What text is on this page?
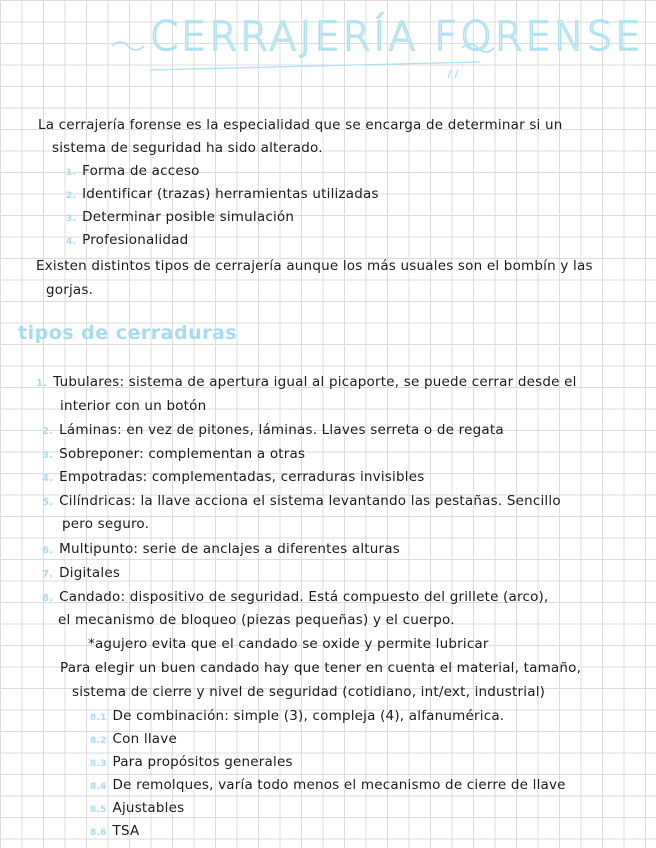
CERRAJERÍA FORENSE
La cerrajería forense es la especialidad que se encarga de determinar si un
sistema de seguridad ha sido alterado.
1. Forma de acceso
2. Identificar (trazas) herramientas utilizadas
3. Determinar posible simulación
4. Profesionalidad
Existen distintos tipos de cerrajería aunque los más usuales son el bombín y las
gorjas.
tipos de cerraduras
1. Tubulares: sistema de apertura igual al picaporte, se puede cerrar desde el
interior con un botón
2. Láminas: en vez de pitones, láminas. Llaves serreta o de regata
3. Sobreponer: complementan a otras
4. Empotradas: complementadas, cerraduras invisibles
5. Cilíndricas: la llave acciona el sistema levantando las pestañas. Sencillo
pero seguro.
6. Multipunto: serie de anclajes a diferentes alturas
7. Digitales
8. Candado: dispositivo de seguridad. Está compuesto del grillete (arco),
el mecanismo de bloqueo (piezas pequeñas) y el cuerpo.
*agujero evita que el candado se oxide y permite lubricar
Para elegir un buen candado hay que tener en cuenta el material, tamaño,
sistema de cierre y nivel de seguridad (cotidiano, int/ext, industrial)
8.1 De combinación: simple (3), compleja (4), alfanumérica.
8.2 Con llave
8.3 Para propósitos generales
8.4 De remolques, varía todo menos el mecanismo de cierre de llave
8.5 Ajustables
8.6 TSA
